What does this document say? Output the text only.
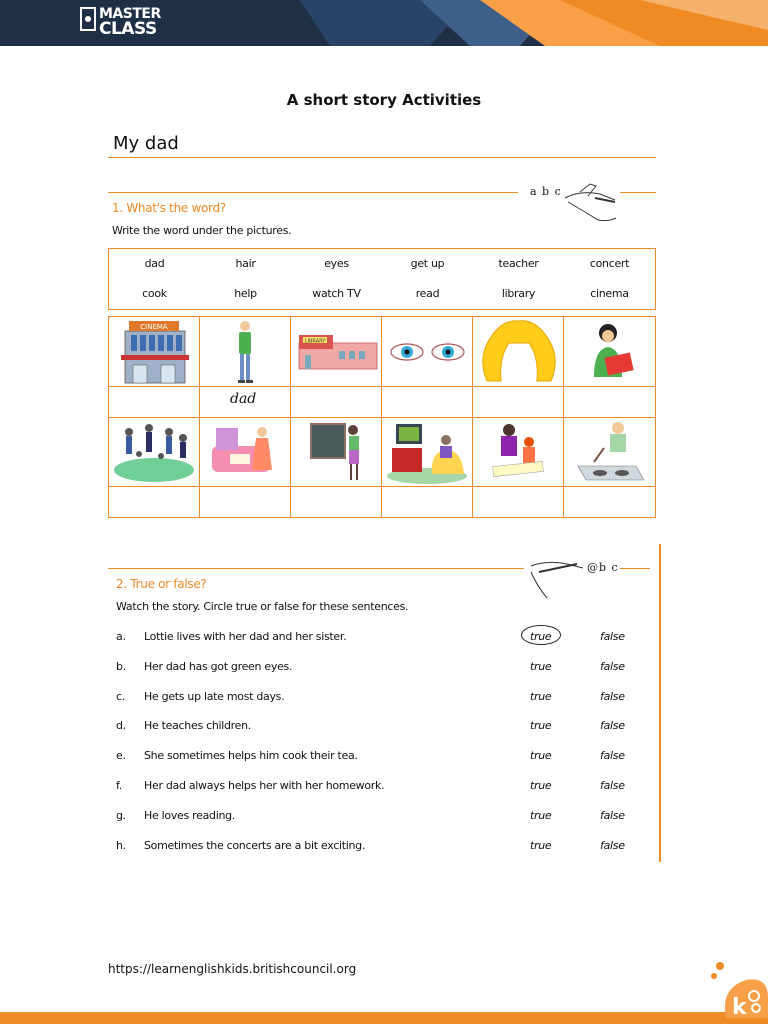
MASTER
CLASS
A short story Activities
My dad
a b c
1. What's the word?
Write the word under the pictures.
dad	hair	eyes	get up	teacher	concert
cook	help	watch TV	read	library	cinema
CINEMA
LIBRARY
dad
@b c
2. True or false?
Watch the story. Circle true or false for these sentences.
a. Lottie lives with her dad and her sister.	true	false
b. Her dad has got green eyes.	true	false
c. He gets up late most days.	true	false
d. He teaches children.	true	false
e. She sometimes helps him cook their tea.	true	false
f. Her dad always helps her with her homework.	true	false
g. He loves reading.	true	false
h. Sometimes the concerts are a bit exciting.	true	false
https://learnenglishkids.britishcouncil.org
k
